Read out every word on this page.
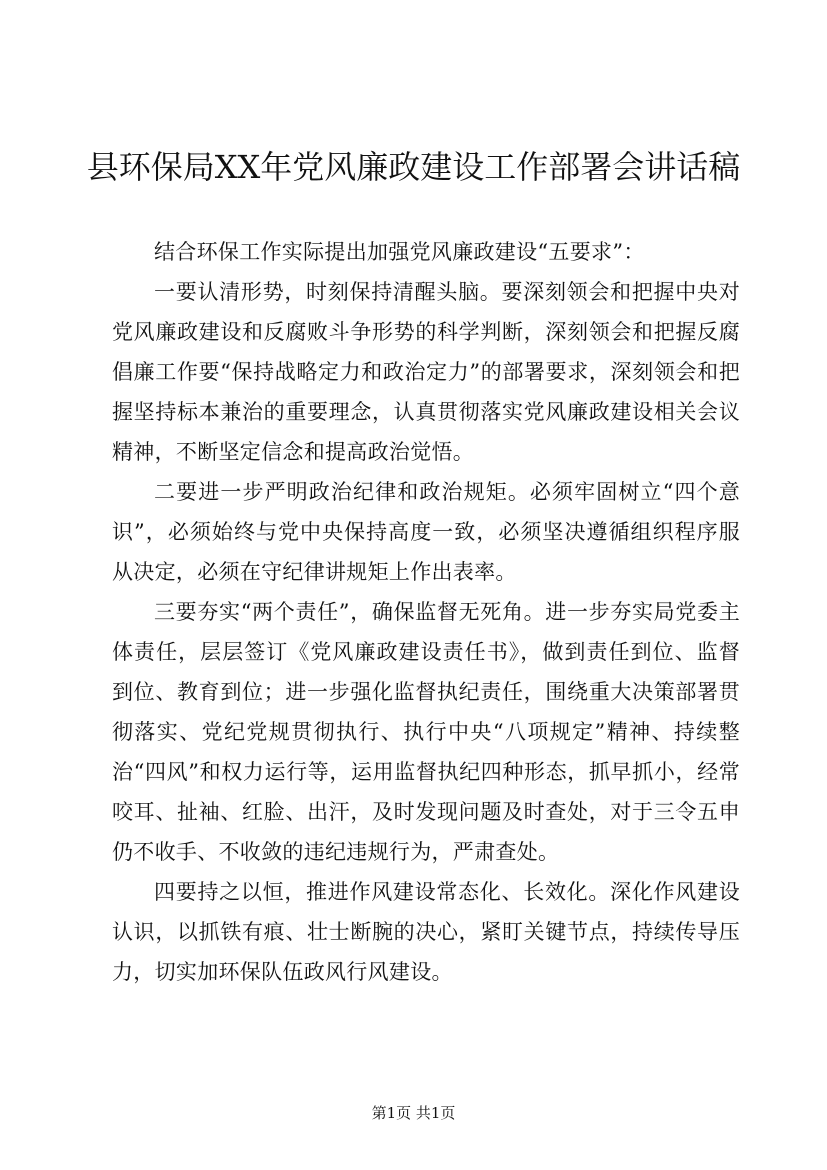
县环保局XX年党风廉政建设工作部署会讲话稿

结合环保工作实际提出加强党风廉政建设“五要求”：

一要认清形势，时刻保持清醒头脑。要深刻领会和把握中央对党风廉政建设和反腐败斗争形势的科学判断，深刻领会和把握反腐倡廉工作要“保持战略定力和政治定力”的部署要求，深刻领会和把握坚持标本兼治的重要理念，认真贯彻落实党风廉政建设相关会议精神，不断坚定信念和提高政治觉悟。

二要进一步严明政治纪律和政治规矩。必须牢固树立“四个意识”，必须始终与党中央保持高度一致，必须坚决遵循组织程序服从决定，必须在守纪律讲规矩上作出表率。

三要夯实“两个责任”，确保监督无死角。进一步夯实局党委主体责任，层层签订《党风廉政建设责任书》，做到责任到位、监督到位、教育到位；进一步强化监督执纪责任，围绕重大决策部署贯彻落实、党纪党规贯彻执行、执行中央“八项规定”精神、持续整治“四风”和权力运行等，运用监督执纪四种形态，抓早抓小，经常咬耳、扯袖、红脸、出汗，及时发现问题及时查处，对于三令五申仍不收手、不收敛的违纪违规行为，严肃查处。

四要持之以恒，推进作风建设常态化、长效化。深化作风建设认识，以抓铁有痕、壮士断腕的决心，紧盯关键节点，持续传导压力，切实加环保队伍政风行风建设。

第1页 共1页
